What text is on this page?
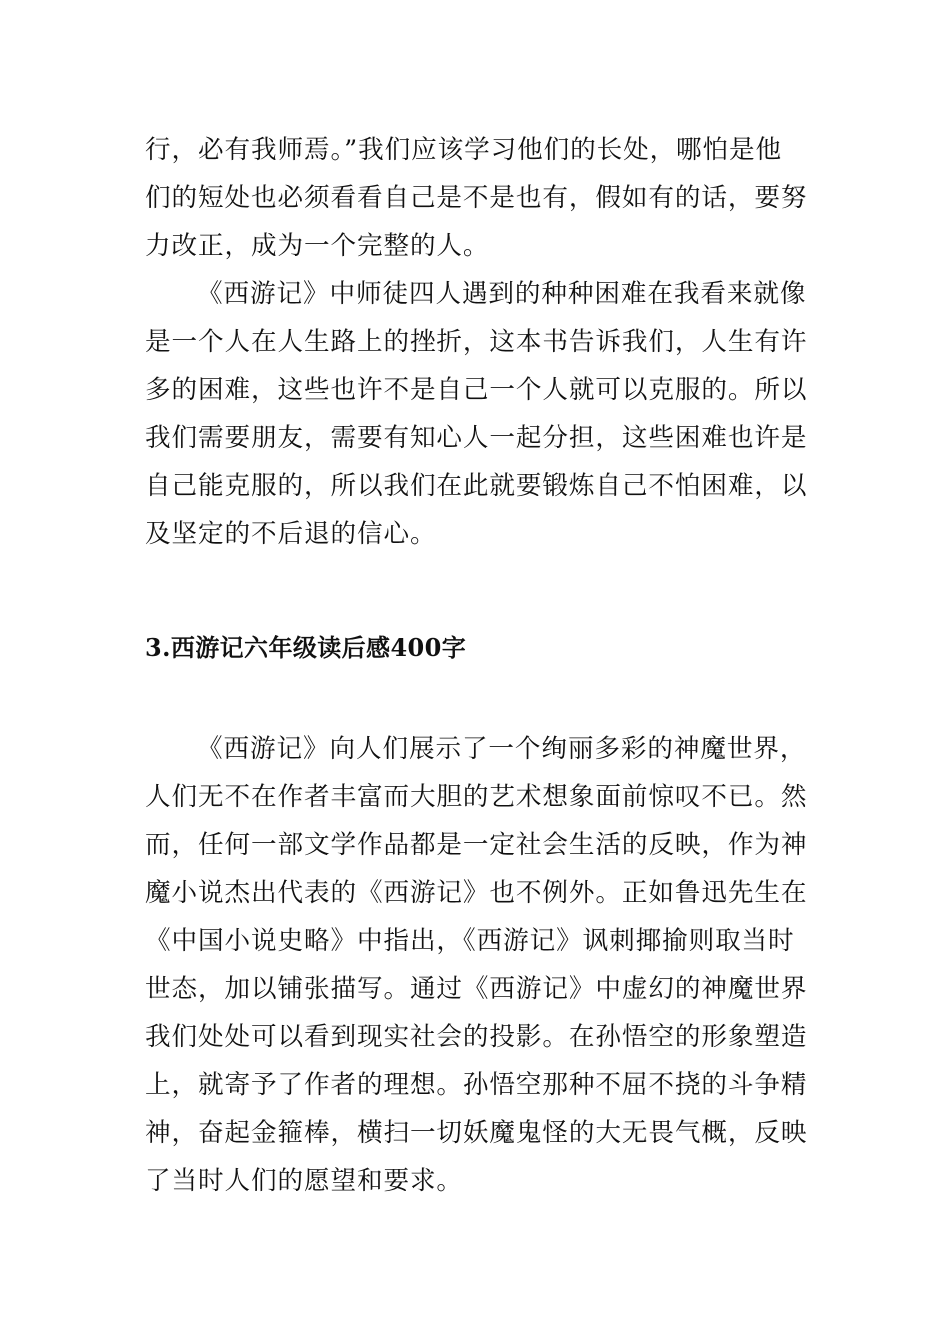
行，必有我师焉。”我们应该学习他们的长处，哪怕是他
们的短处也必须看看自己是不是也有，假如有的话，要努
力改正，成为一个完整的人。
《西游记》中师徒四人遇到的种种困难在我看来就像
是一个人在人生路上的挫折，这本书告诉我们，人生有许
多的困难，这些也许不是自己一个人就可以克服的。所以
我们需要朋友，需要有知心人一起分担，这些困难也许是
自己能克服的，所以我们在此就要锻炼自己不怕困难，以
及坚定的不后退的信心。
3.西游记六年级读后感400字
《西游记》向人们展示了一个绚丽多彩的神魔世界，
人们无不在作者丰富而大胆的艺术想象面前惊叹不已。然
而，任何一部文学作品都是一定社会生活的反映，作为神
魔小说杰出代表的《西游记》也不例外。正如鲁迅先生在
《中国小说史略》中指出，《西游记》讽刺揶揄则取当时
世态，加以铺张描写。通过《西游记》中虚幻的神魔世界
我们处处可以看到现实社会的投影。在孙悟空的形象塑造
上，就寄予了作者的理想。孙悟空那种不屈不挠的斗争精
神，奋起金箍棒，横扫一切妖魔鬼怪的大无畏气概，反映
了当时人们的愿望和要求。
